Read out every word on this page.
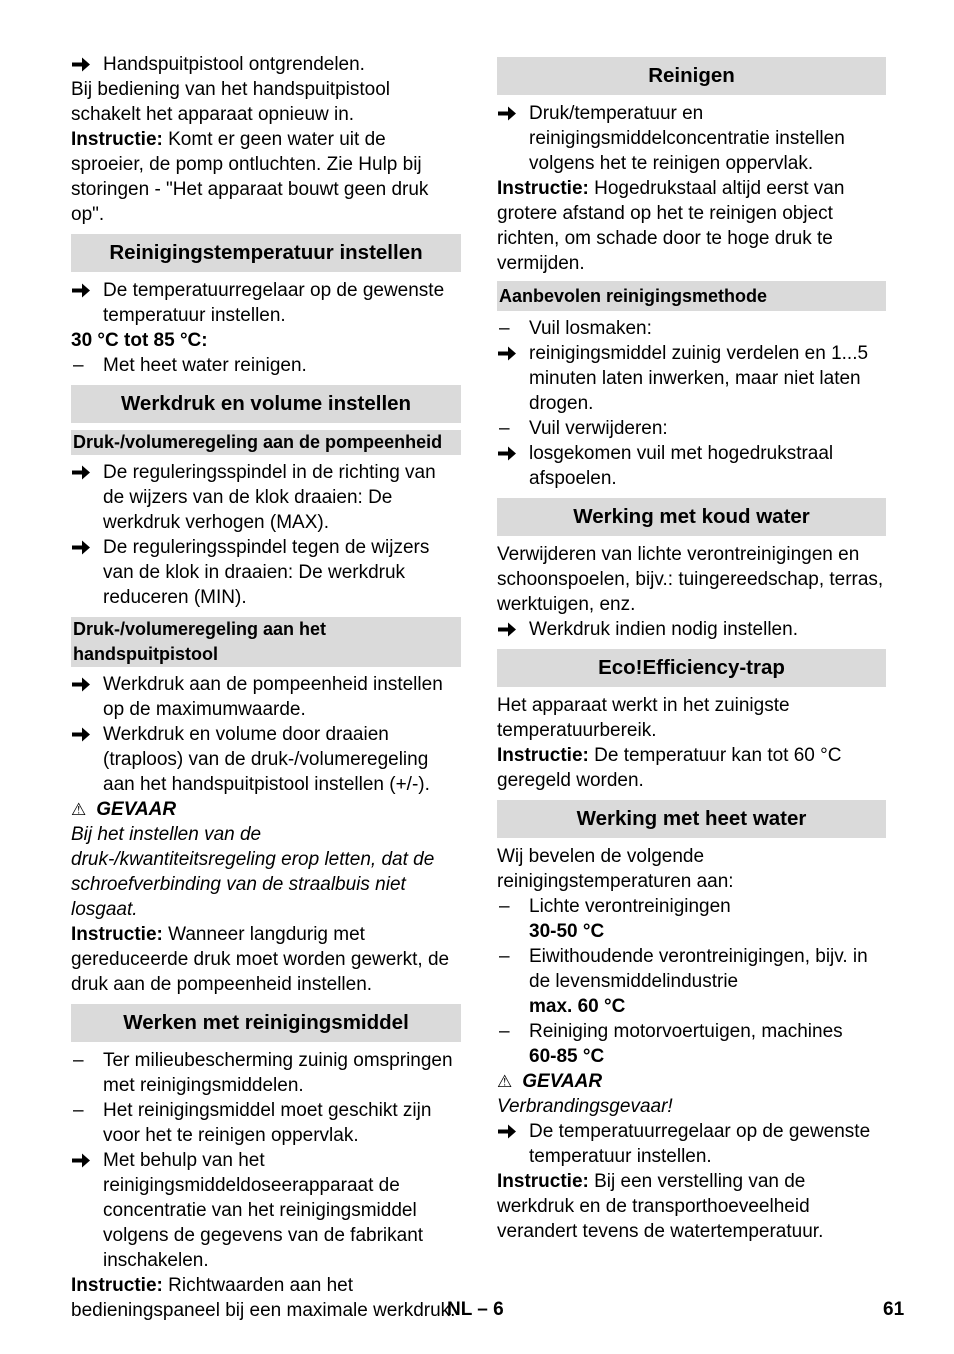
Handspuitpistool ontgrendelen.

Bij bediening van het handspuitpistool schakelt het apparaat opnieuw in.

Instructie: Komt er geen water uit de sproeier, de pomp ontluchten. Zie Hulp bij storingen - "Het apparaat bouwt geen druk op".

Reinigingstemperatuur instellen
De temperatuurregelaar op de gewenste temperatuur instellen.

30 °C tot 85 °C:

– Met heet water reinigen.
Werkdruk en volume instellen
Druk-/volumeregeling aan de pompeenheid
De reguleringsspindel in de richting van de wijzers van de klok draaien: De werkdruk verhogen (MAX).
De reguleringsspindel tegen de wijzers van de klok in draaien: De werkdruk reduceren (MIN).
Druk-/volumeregeling aan het handspuitpistool
Werkdruk aan de pompeenheid instellen op de maximumwaarde.
Werkdruk en volume door draaien (traploos) van de druk-/volumeregeling aan het handspuitpistool instellen (+/-).

⚠ GEVAAR

Bij het instellen van de druk-/kwantiteitsregeling erop letten, dat de schroefverbinding van de straalbuis niet losgaat.

Instructie: Wanneer langdurig met gereduceerde druk moet worden gewerkt, de druk aan de pompeenheid instellen.

Werken met reinigingsmiddel
– Ter milieubescherming zuinig omspringen met reinigingsmiddelen.
– Het reinigingsmiddel moet geschikt zijn voor het te reinigen oppervlak.
Met behulp van het reinigingsmiddeldoseerapparaat de concentratie van het reinigingsmiddel volgens de gegevens van de fabrikant inschakelen.

Instructie: Richtwaarden aan het bedieningspaneel bij een maximale werkdruk.

Reinigen
Druk/temperatuur en reinigingsmiddelconcentratie instellen volgens het te reinigen oppervlak.

Instructie: Hogedrukstaal altijd eerst van grotere afstand op het te reinigen object richten, om schade door te hoge druk te vermijden.

Aanbevolen reinigingsmethode
– Vuil losmaken:
reinigingsmiddel zuinig verdelen en 1...5 minuten laten inwerken, maar niet laten drogen.
– Vuil verwijderen:
losgekomen vuil met hogedrukstraal afspoelen.
Werking met koud water

Verwijderen van lichte verontreinigingen en schoonspoelen, bijv.: tuingereedschap, terras, werktuigen, enz.

Werkdruk indien nodig instellen.
Eco!Efficiency-trap

Het apparaat werkt in het zuinigste temperatuurbereik.

Instructie: De temperatuur kan tot 60 °C geregeld worden.

Werking met heet water

Wij bevelen de volgende reinigingstemperaturen aan:

– Lichte verontreinigingen
30-50 °C
– Eiwithoudende verontreinigingen, bijv. in de levensmiddelindustrie
max. 60 °C
– Reiniging motorvoertuigen, machines
60-85 °C

⚠ GEVAAR

Verbrandingsgevaar!

De temperatuurregelaar op de gewenste temperatuur instellen.

Instructie: Bij een verstelling van de werkdruk en de transporthoeveelheid verandert tevens de watertemperatuur.

NL – 6	61
